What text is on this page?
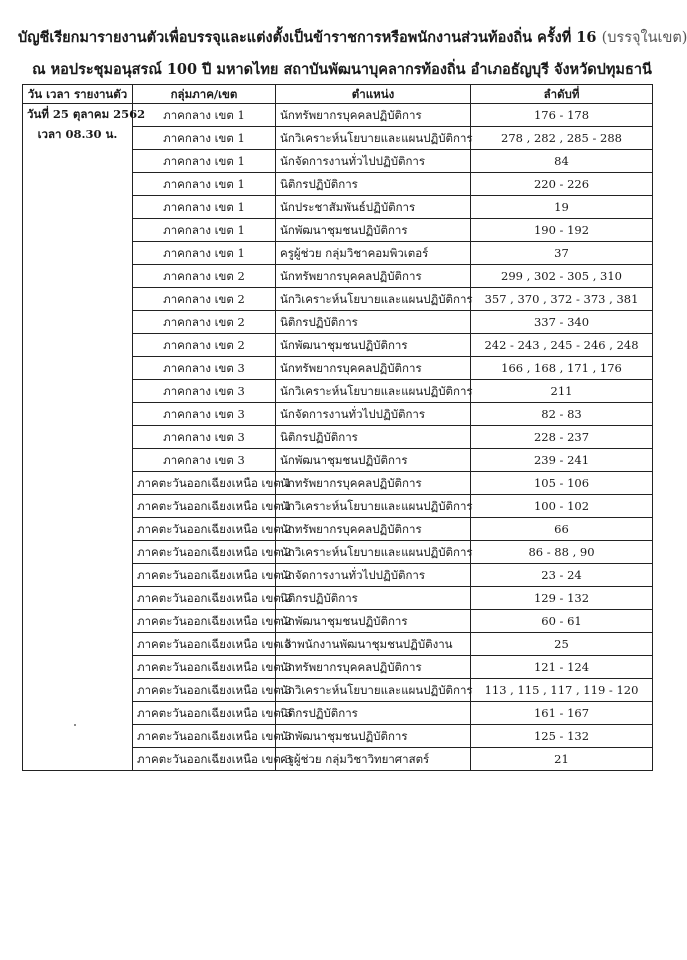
บัญชีเรียกมารายงานตัวเพื่อบรรจุและแต่งตั้งเป็นข้าราชการหรือพนักงานส่วนท้องถิ่น ครั้งที่ 16 (บรรจุในเขต)
ณ หอประชุมอนุสรณ์ 100 ปี มหาดไทย สถาบันพัฒนาบุคลากรท้องถิ่น อำเภอธัญบุรี จังหวัดปทุมธานี
วัน เวลา รายงานตัว	กลุ่มภาค/เขต	ตำแหน่ง	ลำดับที่

วันที่ 25 ตุลาคม 2562
เวลา 08.30 น.	ภาคกลาง เขต 1	นักทรัพยากรบุคคลปฏิบัติการ	176 - 178
	ภาคกลาง เขต 1	นักวิเคราะห์นโยบายและแผนปฏิบัติการ	278 , 282 , 285 - 288
	ภาคกลาง เขต 1	นักจัดการงานทั่วไปปฏิบัติการ	84
	ภาคกลาง เขต 1	นิติกรปฏิบัติการ	220 - 226
	ภาคกลาง เขต 1	นักประชาสัมพันธ์ปฏิบัติการ	19
	ภาคกลาง เขต 1	นักพัฒนาชุมชนปฏิบัติการ	190 - 192
	ภาคกลาง เขต 1	ครูผู้ช่วย กลุ่มวิชาคอมพิวเตอร์	37
	ภาคกลาง เขต 2	นักทรัพยากรบุคคลปฏิบัติการ	299 , 302 - 305 , 310
	ภาคกลาง เขต 2	นักวิเคราะห์นโยบายและแผนปฏิบัติการ	357 , 370 , 372 - 373 , 381
	ภาคกลาง เขต 2	นิติกรปฏิบัติการ	337 - 340
	ภาคกลาง เขต 2	นักพัฒนาชุมชนปฏิบัติการ	242 - 243 , 245 - 246 , 248
	ภาคกลาง เขต 3	นักทรัพยากรบุคคลปฏิบัติการ	166 , 168 , 171 , 176
	ภาคกลาง เขต 3	นักวิเคราะห์นโยบายและแผนปฏิบัติการ	211
	ภาคกลาง เขต 3	นักจัดการงานทั่วไปปฏิบัติการ	82 - 83
	ภาคกลาง เขต 3	นิติกรปฏิบัติการ	228 - 237
	ภาคกลาง เขต 3	นักพัฒนาชุมชนปฏิบัติการ	239 - 241
	ภาคตะวันออกเฉียงเหนือ เขต 1	นักทรัพยากรบุคคลปฏิบัติการ	105 - 106
	ภาคตะวันออกเฉียงเหนือ เขต 1	นักวิเคราะห์นโยบายและแผนปฏิบัติการ	100 - 102
	ภาคตะวันออกเฉียงเหนือ เขต 2	นักทรัพยากรบุคคลปฏิบัติการ	66
	ภาคตะวันออกเฉียงเหนือ เขต 2	นักวิเคราะห์นโยบายและแผนปฏิบัติการ	86 - 88 , 90
	ภาคตะวันออกเฉียงเหนือ เขต 2	นักจัดการงานทั่วไปปฏิบัติการ	23 - 24
	ภาคตะวันออกเฉียงเหนือ เขต 2	นิติกรปฏิบัติการ	129 - 132
	ภาคตะวันออกเฉียงเหนือ เขต 2	นักพัฒนาชุมชนปฏิบัติการ	60 - 61
	ภาคตะวันออกเฉียงเหนือ เขต 3	เจ้าพนักงานพัฒนาชุมชนปฏิบัติงาน	25
	ภาคตะวันออกเฉียงเหนือ เขต 3	นักทรัพยากรบุคคลปฏิบัติการ	121 - 124
	ภาคตะวันออกเฉียงเหนือ เขต 3	นักวิเคราะห์นโยบายและแผนปฏิบัติการ	113 , 115 , 117 , 119 - 120
	ภาคตะวันออกเฉียงเหนือ เขต 3	นิติกรปฏิบัติการ	161 - 167
	ภาคตะวันออกเฉียงเหนือ เขต 3	นักพัฒนาชุมชนปฏิบัติการ	125 - 132
	ภาคตะวันออกเฉียงเหนือ เขต 3	ครูผู้ช่วย กลุ่มวิชาวิทยาศาสตร์	21
